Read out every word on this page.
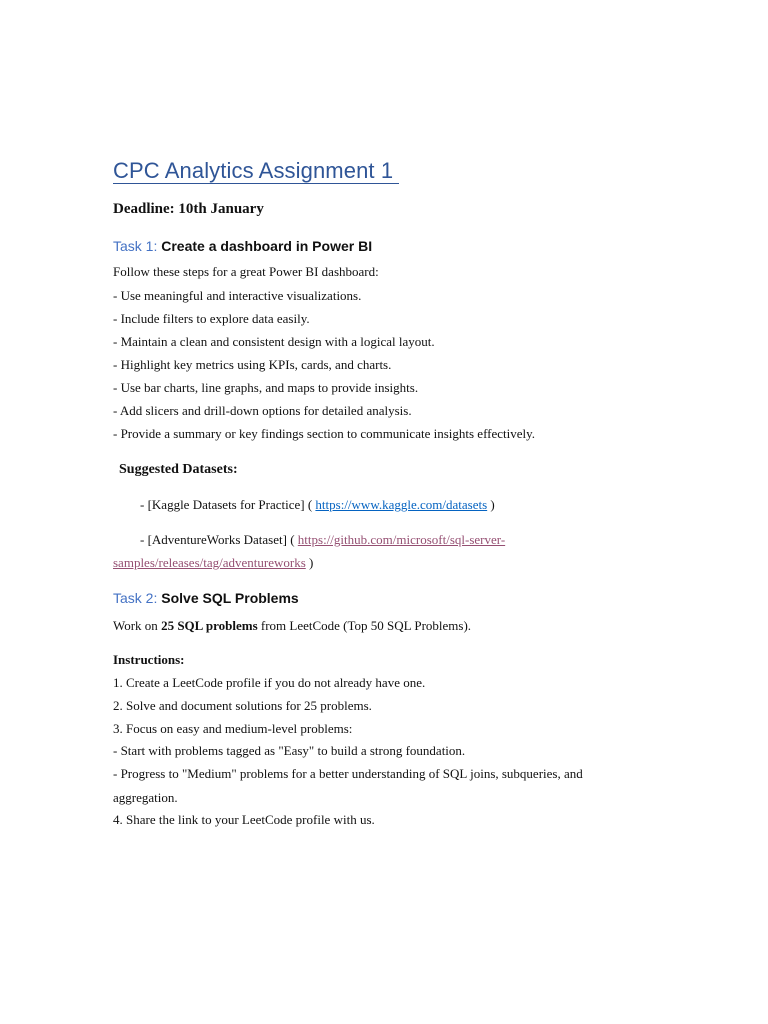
CPC Analytics Assignment 1
Deadline: 10th January
Task 1: Create a dashboard in Power BI
Follow these steps for a great Power BI dashboard:
- Use meaningful and interactive visualizations.
- Include filters to explore data easily.
- Maintain a clean and consistent design with a logical layout.
- Highlight key metrics using KPIs, cards, and charts.
- Use bar charts, line graphs, and maps to provide insights.
- Add slicers and drill-down options for detailed analysis.
- Provide a summary or key findings section to communicate insights effectively.
Suggested Datasets:
- [Kaggle Datasets for Practice] ( https://www.kaggle.com/datasets )
- [AdventureWorks Dataset] ( https://github.com/microsoft/sql-server-
samples/releases/tag/adventureworks )
Task 2: Solve SQL Problems
Work on 25 SQL problems from LeetCode (Top 50 SQL Problems).
Instructions:
1. Create a LeetCode profile if you do not already have one.
2. Solve and document solutions for 25 problems.
3. Focus on easy and medium-level problems:
- Start with problems tagged as "Easy" to build a strong foundation.
- Progress to "Medium" problems for a better understanding of SQL joins, subqueries, and
aggregation.
4. Share the link to your LeetCode profile with us.
